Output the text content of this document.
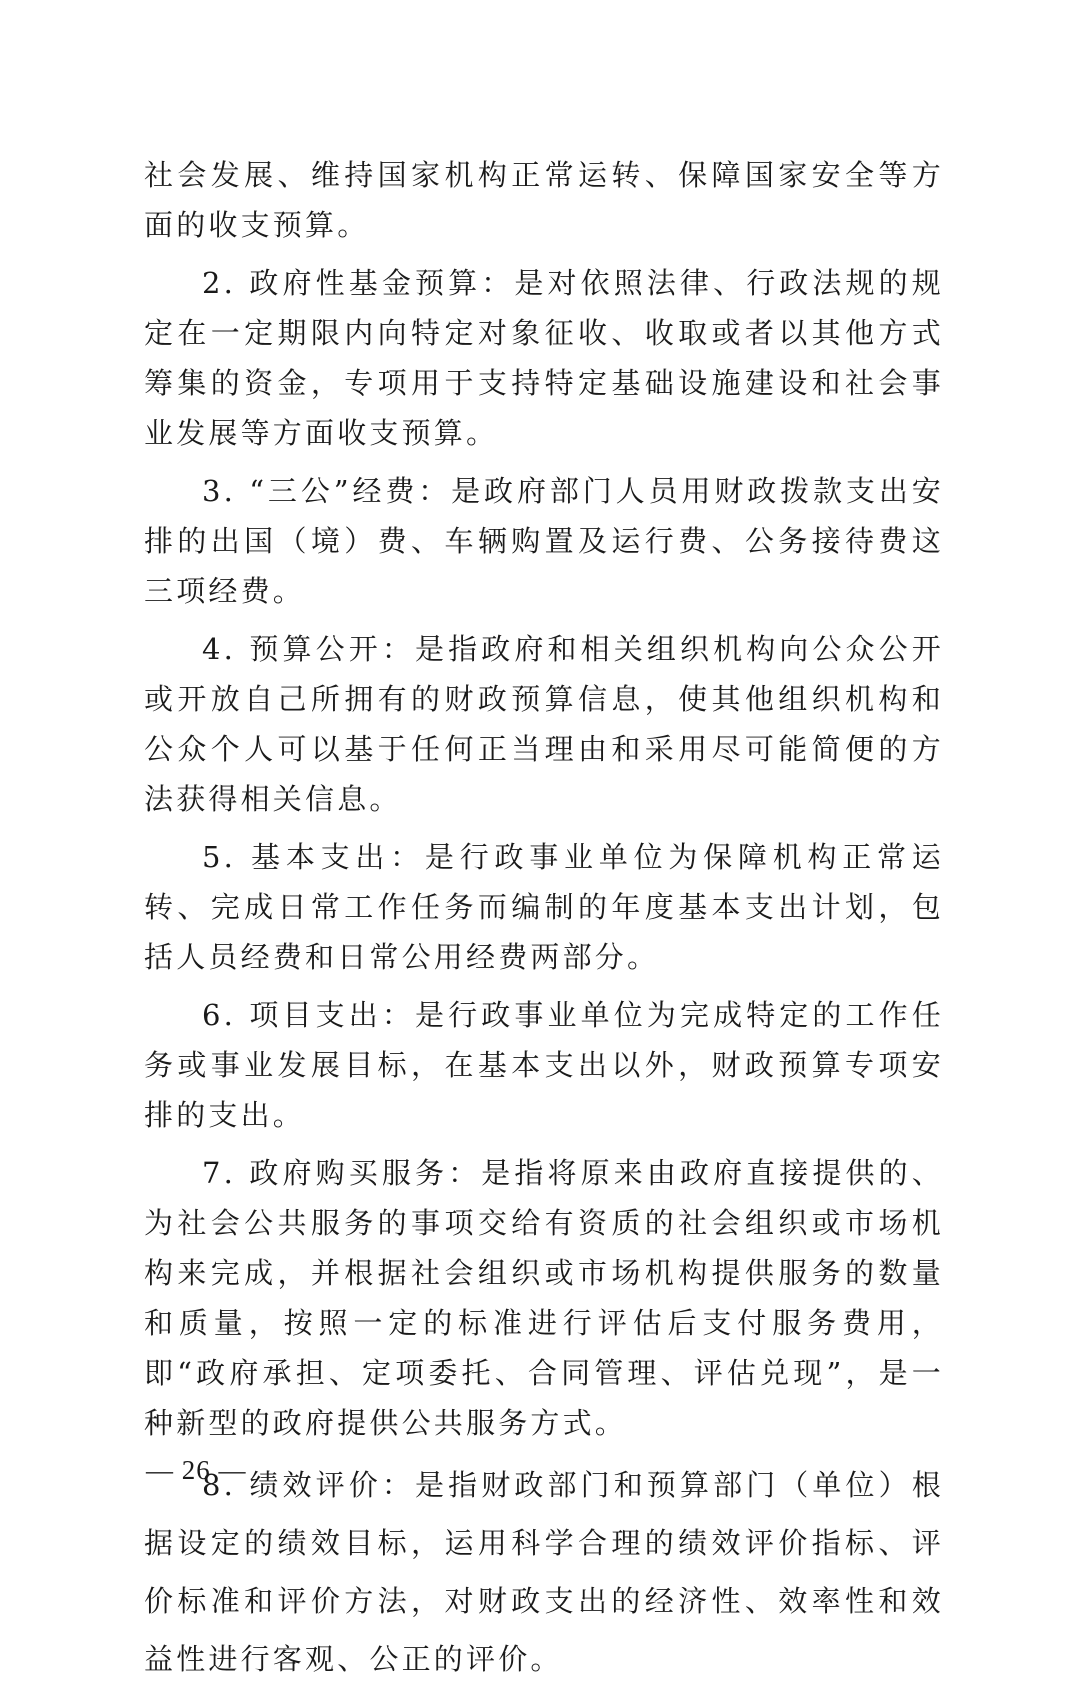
社会发展、维持国家机构正常运转、保障国家安全等方面的收支预算。

2. 政府性基金预算：是对依照法律、行政法规的规定在一定期限内向特定对象征收、收取或者以其他方式筹集的资金，专项用于支持特定基础设施建设和社会事业发展等方面收支预算。

3. “三公”经费：是政府部门人员用财政拨款支出安排的出国（境）费、车辆购置及运行费、公务接待费这三项经费。

4. 预算公开：是指政府和相关组织机构向公众公开或开放自己所拥有的财政预算信息，使其他组织机构和公众个人可以基于任何正当理由和采用尽可能简便的方法获得相关信息。

5. 基本支出：是行政事业单位为保障机构正常运转、完成日常工作任务而编制的年度基本支出计划，包括人员经费和日常公用经费两部分。

6. 项目支出：是行政事业单位为完成特定的工作任务或事业发展目标，在基本支出以外，财政预算专项安排的支出。

7. 政府购买服务：是指将原来由政府直接提供的、为社会公共服务的事项交给有资质的社会组织或市场机构来完成，并根据社会组织或市场机构提供服务的数量和质量，按照一定的标准进行评估后支付服务费用，即“政府承担、定项委托、合同管理、评估兑现”，是一种新型的政府提供公共服务方式。

8. 绩效评价：是指财政部门和预算部门（单位）根据设定的绩效目标，运用科学合理的绩效评价指标、评价标准和评价方法，对财政支出的经济性、效率性和效益性进行客观、公正的评价。

— 26 —
